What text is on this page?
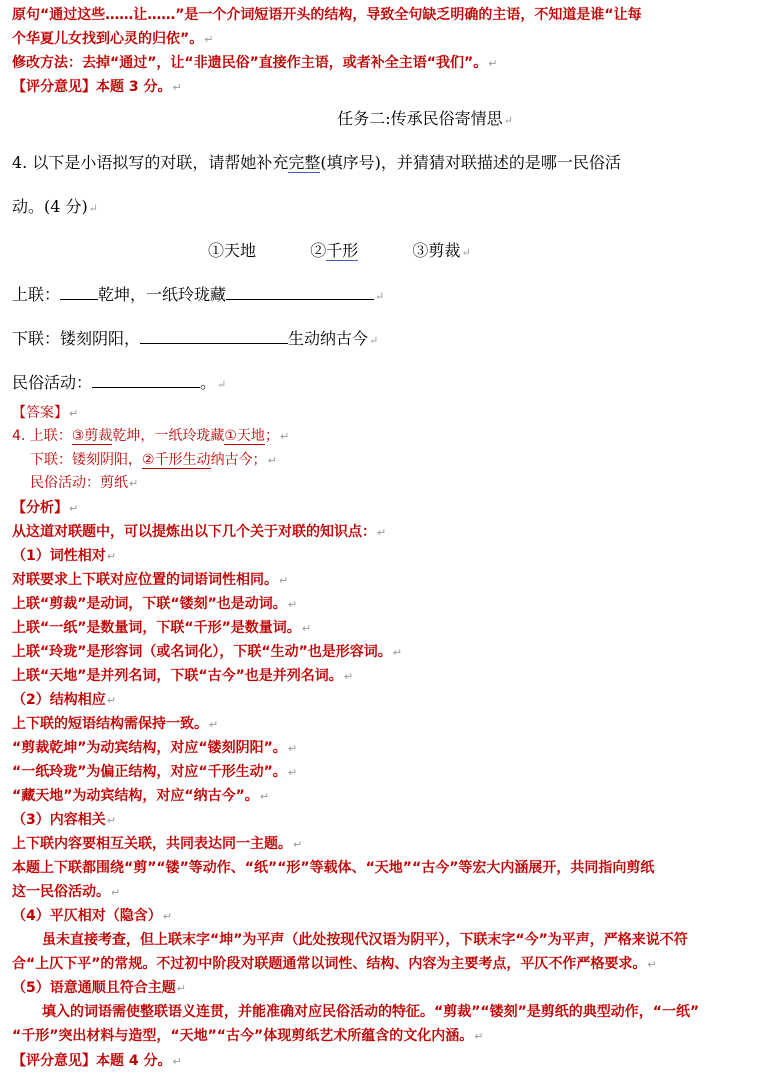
原句“通过这些……让……”是一个介词短语开头的结构，导致全句缺乏明确的主语，不知道是谁“让每
个华夏儿女找到心灵的归依”。↵
修改方法：去掉“通过”，让“非遗民俗”直接作主语，或者补全主语“我们”。↵
【评分意见】本题 3 分。↵
任务二:传承民俗寄情思↵
4. 以下是小语拟写的对联，请帮她补充完整(填序号)，并猜猜对联描述的是哪一民俗活
动。(4 分)↵
①天地	②千形	③剪裁↵
上联： 乾坤，一纸玲珑藏	↵
下联：镂刻阴阳，	生动纳古今↵
民俗活动：	。↵
【答案】↵
4. 上联：③剪裁乾坤，一纸玲珑藏①天地；↵
下联：镂刻阴阳，②千形生动纳古今；↵
民俗活动：剪纸↵
【分析】↵
从这道对联题中，可以提炼出以下几个关于对联的知识点：↵
（1）词性相对↵
对联要求上下联对应位置的词语词性相同。↵
上联“剪裁”是动词，下联“镂刻”也是动词。↵
上联“一纸”是数量词，下联“千形”是数量词。↵
上联“玲珑”是形容词（或名词化），下联“生动”也是形容词。↵
上联“天地”是并列名词，下联“古今”也是并列名词。↵
（2）结构相应↵
上下联的短语结构需保持一致。↵
“剪裁乾坤”为动宾结构，对应“镂刻阴阳”。↵
“一纸玲珑”为偏正结构，对应“千形生动”。↵
“藏天地”为动宾结构，对应“纳古今”。↵
（3）内容相关↵
上下联内容要相互关联，共同表达同一主题。↵
本题上下联都围绕“剪”“镂”等动作、“纸”“形”等载体、“天地”“古今”等宏大内涵展开，共同指向剪纸
这一民俗活动。↵
（4）平仄相对（隐含）↵
虽未直接考查，但上联末字“坤”为平声（此处按现代汉语为阴平），下联末字“今”为平声，严格来说不符
合“上仄下平”的常规。不过初中阶段对联题通常以词性、结构、内容为主要考点，平仄不作严格要求。↵
（5）语意通顺且符合主题↵
填入的词语需使整联语义连贯，并能准确对应民俗活动的特征。“剪裁”“镂刻”是剪纸的典型动作，“一纸”
“千形”突出材料与造型，“天地”“古今”体现剪纸艺术所蕴含的文化内涵。↵
【评分意见】本题 4 分。↵
